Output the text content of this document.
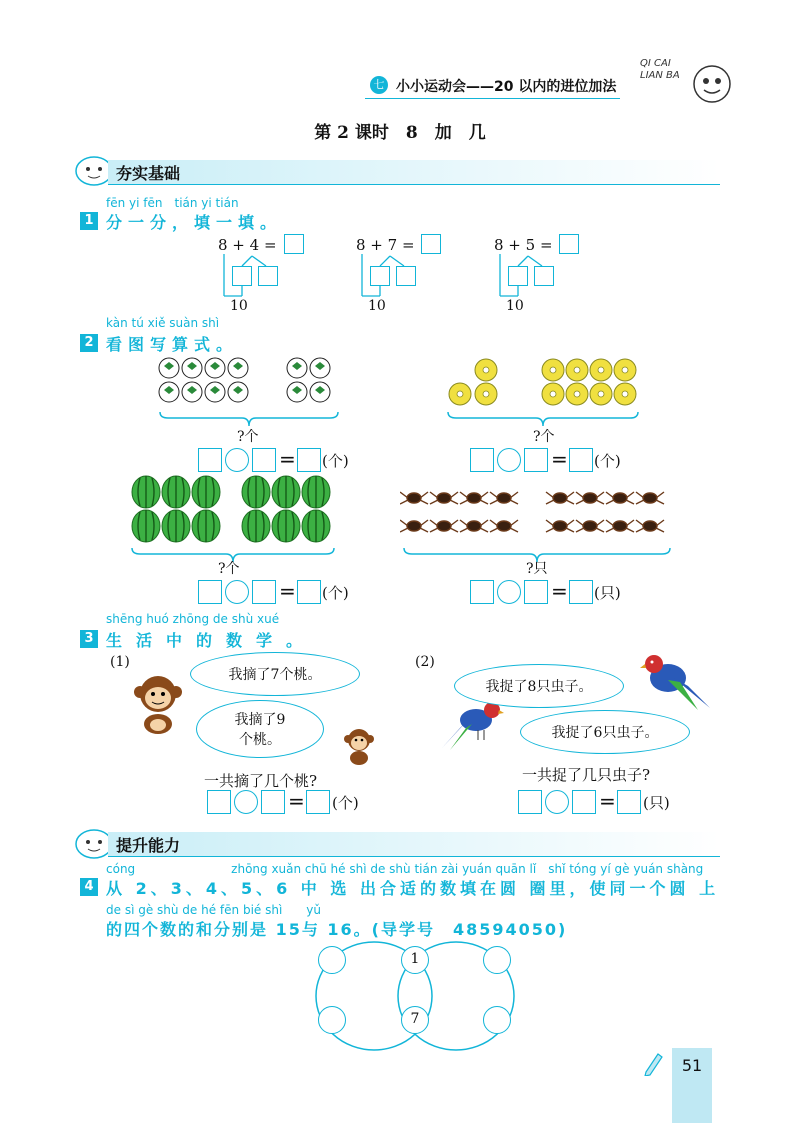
七 小小运动会——20 以内的进位加法
QI CAI LIAN BA
第 2 课时　8　加　几
夯实基础
fēn yi fēn　tián yi tián
1 分一分，填一填。
8 + 4 =
10
8 + 7 =
10
8 + 5 =
10
kàn tú xiě suàn shì
2 看图写算式。
?个	?个
= (个)	= (个)
?个	?只
= (个)	= (只)
shēng huó zhōng de shù xué
3 生活中的数学。
(1)	(2)
我摘了7个桃。
我摘了9
个桃。
一共摘了几个桃?
我捉了8只虫子。
我捉了6只虫子。
一共捉了几只虫子?
= (个)	= (只)
提升能力
cóng　　　　　　　　zhōng xuǎn chū hé shì de shù tián zài yuán quān lǐ　shǐ tóng yí gè yuán shàng
4 从 2、3、4、5、6 中 选 出合适的数填在圆 圈里，使同一个圆 上
de sì gè shù de hé fēn bié shì　　yǔ
的四个数的和分别是 15与 16。(导学号　48594050)
1
7
51
